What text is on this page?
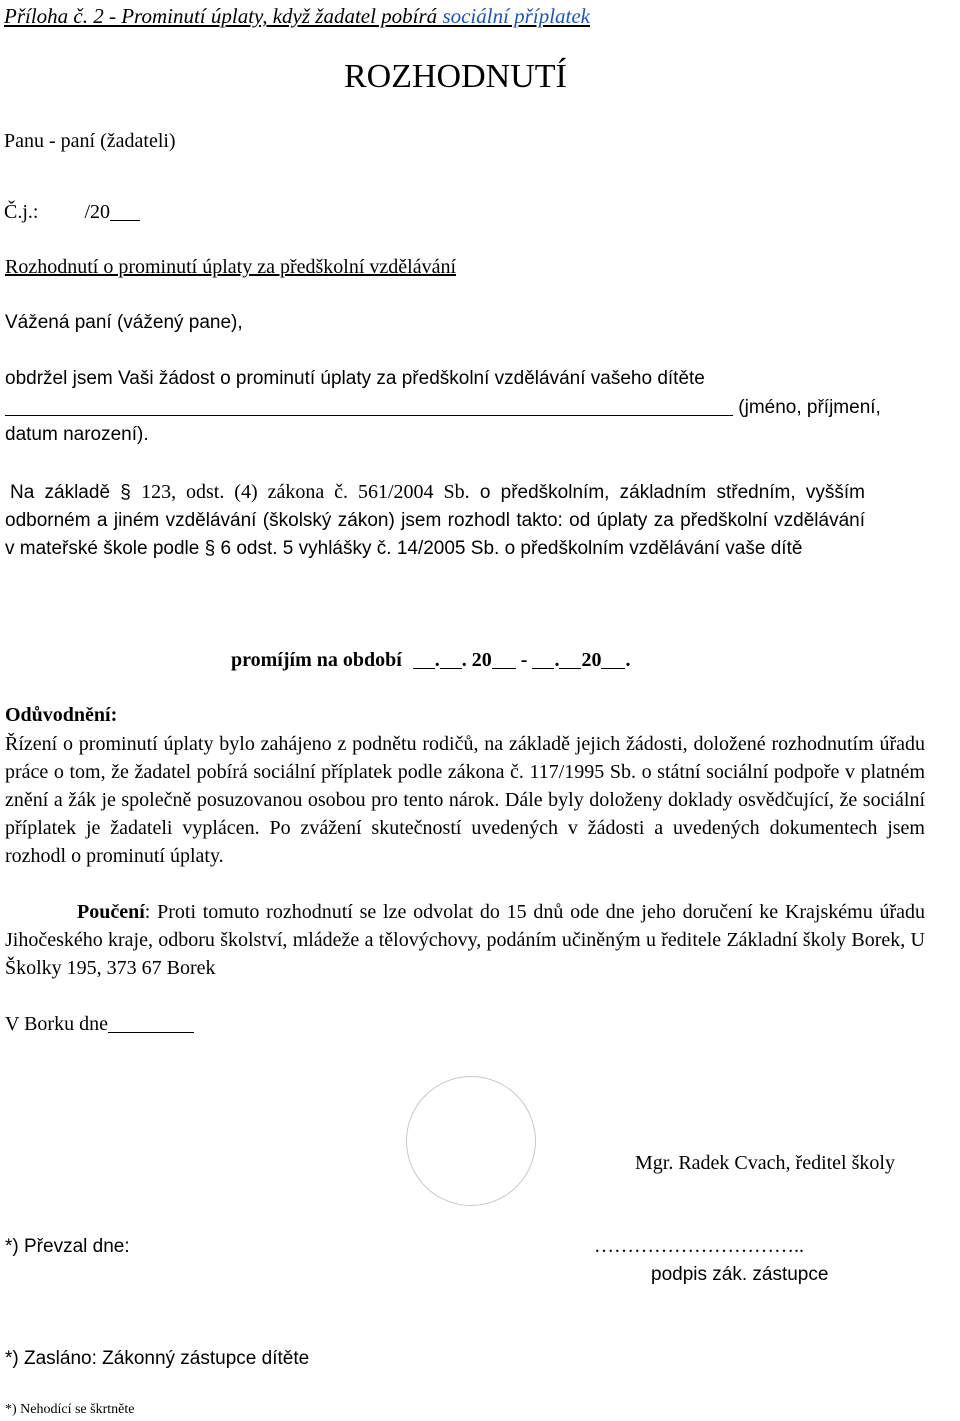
Příloha č. 2 - Prominutí úplaty, když žadatel pobírá sociální příplatek
ROZHODNUTÍ
Panu - paní (žadateli)
Č.j.: /20
Rozhodnutí o prominutí úplaty za předškolní vzdělávání
Vážená paní (vážený pane),
obdržel jsem Vaši žádost o prominutí úplaty za předškolní vzdělávání vašeho dítěte
(jméno, příjmení,
datum narození).
Na základě § 123, odst. (4) zákona č. 561/2004 Sb. o předškolním, základním středním, vyšším odborném a jiném vzdělávání (školský zákon) jsem rozhodl takto: od úplaty za předškolní vzdělávání v mateřské škole podle § 6 odst. 5 vyhlášky č. 14/2005 Sb. o předškolním vzdělávání vaše dítě
promíjím na období . . 20 - . 20 .
Odůvodnění:
Řízení o prominutí úplaty bylo zahájeno z podnětu rodičů, na základě jejich žádosti, doložené rozhodnutím úřadu práce o tom, že žadatel pobírá sociální příplatek podle zákona č. 117/1995 Sb. o státní sociální podpoře v platném znění a žák je společně posuzovanou osobou pro tento nárok. Dále byly doloženy doklady osvědčující, že sociální příplatek je žadateli vyplácen. Po zvážení skutečností uvedených v žádosti a uvedených dokumentech jsem rozhodl o prominutí úplaty.
Poučení: Proti tomuto rozhodnutí se lze odvolat do 15 dnů ode dne jeho doručení ke Krajskému úřadu Jihočeského kraje, odboru školství, mládeže a tělovýchovy, podáním učiněným u ředitele Základní školy Borek, U Školky 195, 373 67 Borek
V Borku dne
Mgr. Radek Cvach, ředitel školy
*) Převzal dne:	…………………………..
podpis zák. zástupce
*) Zasláno: Zákonný zástupce dítěte
*) Nehodící se škrtněte
